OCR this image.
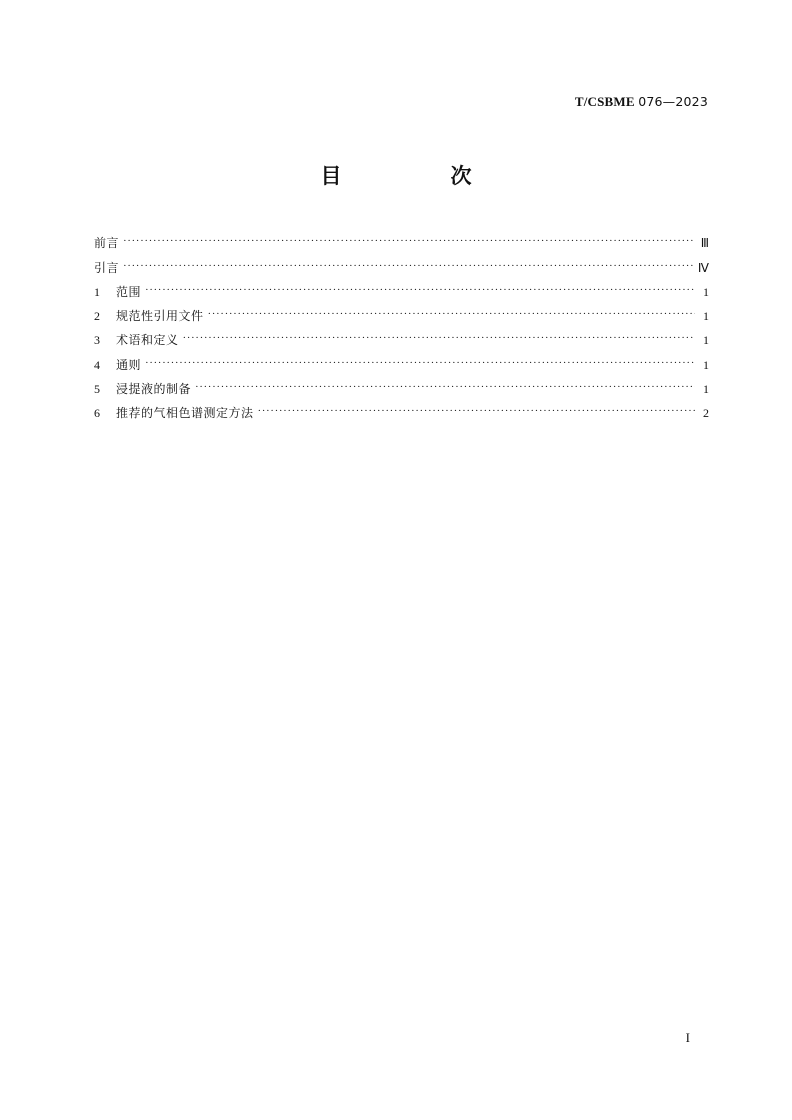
T/CSBME 076—2023
目　次
前言 ·····	Ⅲ
引言 ·····	Ⅳ
1	范围 ·····	1
2	规范性引用文件 ·····	1
3	术语和定义 ·····	1
4	通则 ·····	1
5	浸提液的制备 ·····	1
6	推荐的气相色谱测定方法 ·····	2
I
